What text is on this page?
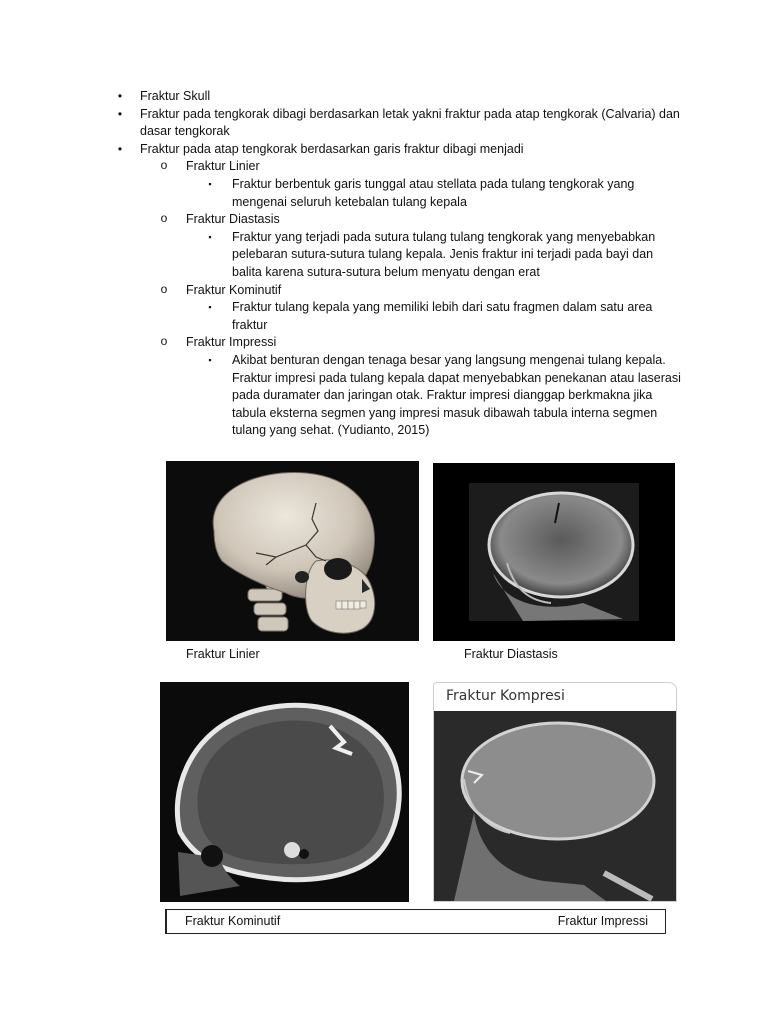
•	Fraktur Skull
•	Fraktur pada tengkorak dibagi berdasarkan letak yakni fraktur pada atap tengkorak (Calvaria) dan dasar tengkorak
•	Fraktur pada atap tengkorak berdasarkan garis fraktur dibagi menjadi
o Fraktur Linier
▪	Fraktur berbentuk garis tunggal atau stellata pada tulang tengkorak yang mengenai seluruh ketebalan tulang kepala
o Fraktur Diastasis
▪	Fraktur yang terjadi pada sutura tulang tulang tengkorak yang menyebabkan pelebaran sutura-sutura tulang kepala. Jenis fraktur ini terjadi pada bayi dan balita karena sutura-sutura belum menyatu dengan erat
o Fraktur Kominutif
▪	Fraktur tulang kepala yang memiliki lebih dari satu fragmen dalam satu area fraktur
o Fraktur Impressi
▪	Akibat benturan dengan tenaga besar yang langsung mengenai tulang kepala. Fraktur impresi pada tulang kepala dapat menyebabkan penekanan atau laserasi pada duramater dan jaringan otak. Fraktur impresi dianggap berkmakna jika tabula eksterna segmen yang impresi masuk dibawah tabula interna segmen tulang yang sehat. (Yudianto, 2015)
Fraktur Linier	Fraktur Diastasis
Fraktur Kompresi
Fraktur Kominutif	Fraktur Impressi
